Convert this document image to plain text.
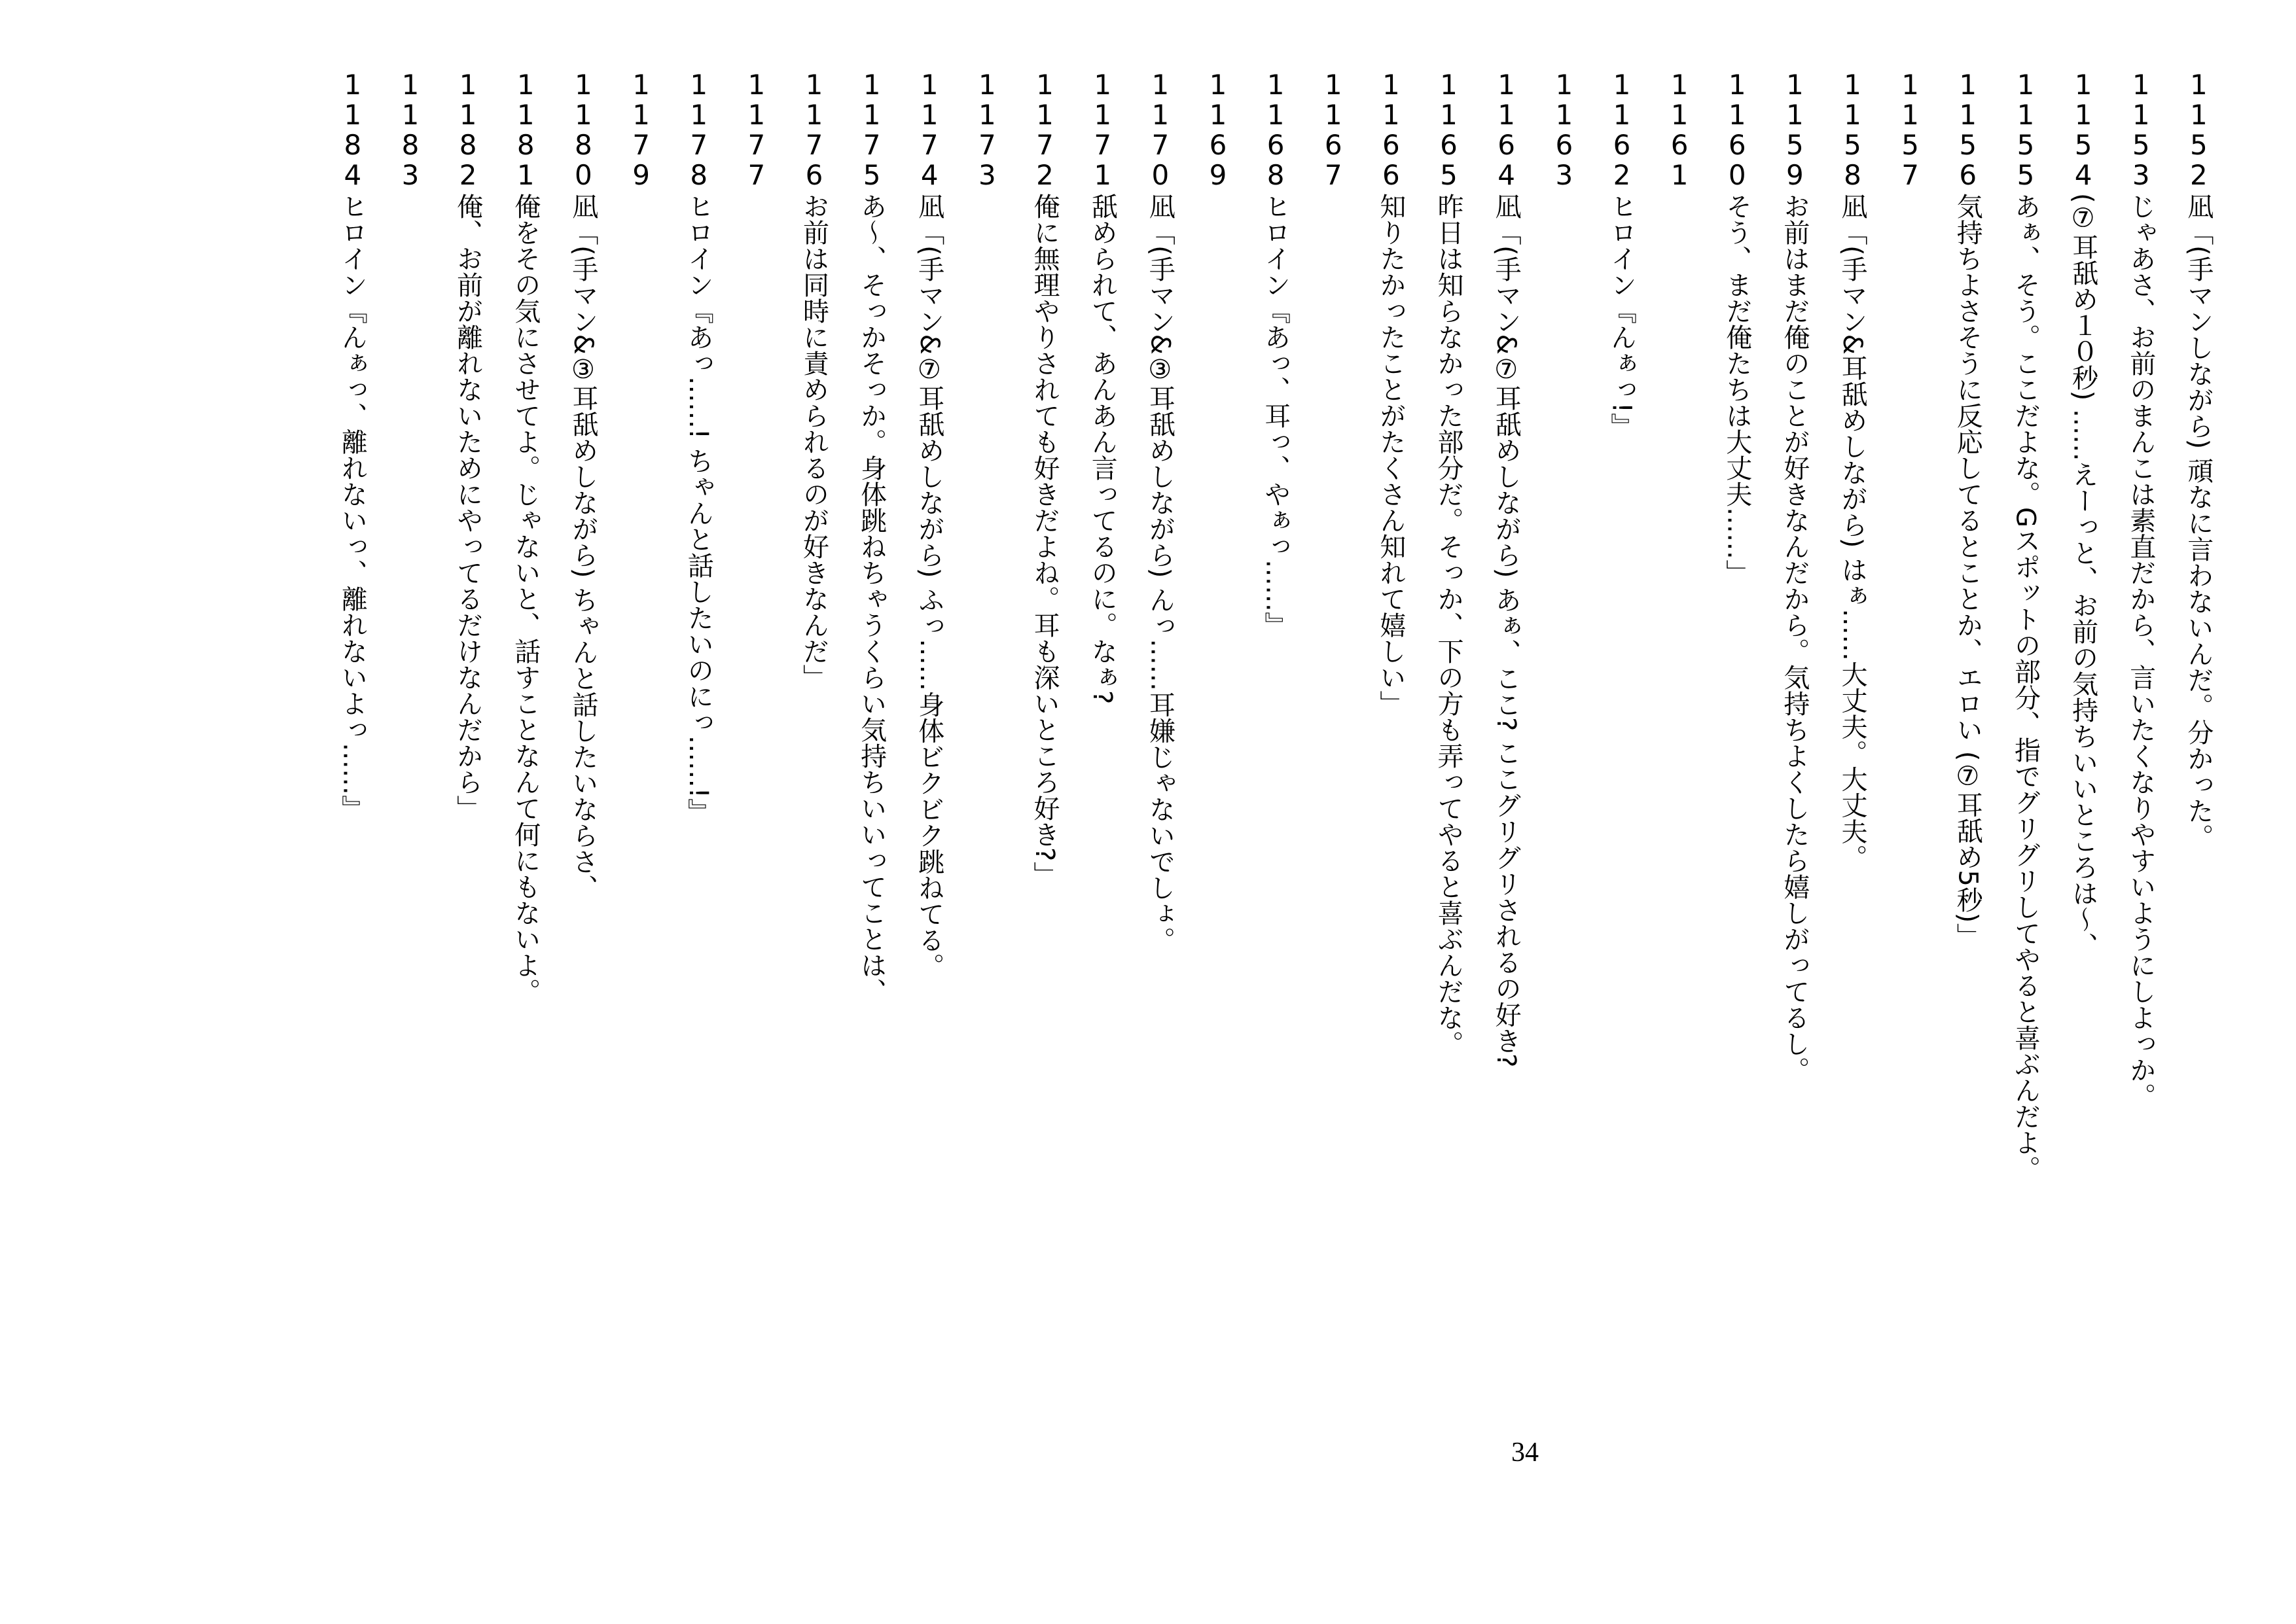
1152
凪「(手マンしながら) 頑なに言わないんだ。分かった。
1153
じゃあさ、お前のまんこは素直だから、言いたくなりやすいようにしよっか。
1154
(⑦耳舐め１０秒) ……えーっと、お前の気持ちいいところは～、
1155
あぁ、そう。ここだよな。Gスポットの部分、指でグリグリしてやると喜ぶんだよ。
1156
気持ちよさそうに反応してるとことか、エロい (⑦耳舐め5秒)」
1157
1158
凪「(手マン&耳舐めしながら) はぁ……大丈夫。大丈夫。
1159
お前はまだ俺のことが好きなんだから。気持ちよくしたら嬉しがってるし。
1160
そう、まだ俺たちは大丈夫……」
1161
1162
ヒロイン『んぁっ!』
1163
1164
凪「(手マン&⑦耳舐めしながら) あぁ、ここ? ここグリグリされるの好き?
1165
昨日は知らなかった部分だ。そっか、下の方も弄ってやると喜ぶんだな。
1166
知りたかったことがたくさん知れて嬉しい」
1167
1168
ヒロイン『あっ、耳っ、やぁっ……』
1169
1170
凪「(手マン&③耳舐めしながら) んっ……耳嫌じゃないでしょ。
1171
舐められて、あんあん言ってるのに。なぁ?
1172
俺に無理やりされても好きだよね。耳も深いところ好き?」
1173
1174
凪「(手マン&⑦耳舐めしながら) ふっ……身体ビクビク跳ねてる。
1175
あ～、そっかそっか。身体跳ねちゃうくらい気持ちいいってことは、
1176
お前は同時に責められるのが好きなんだ」
1177
1178
ヒロイン『あっ……! ちゃんと話したいのにっ……!』
1179
1180
凪「(手マン&③耳舐めしながら) ちゃんと話したいならさ、
1181
俺をその気にさせてよ。じゃないと、話すことなんて何にもないよ。
1182
俺、お前が離れないためにやってるだけなんだから」
1183
1184
ヒロイン『んぁっ、離れないっ、離れないよっ……』
34
